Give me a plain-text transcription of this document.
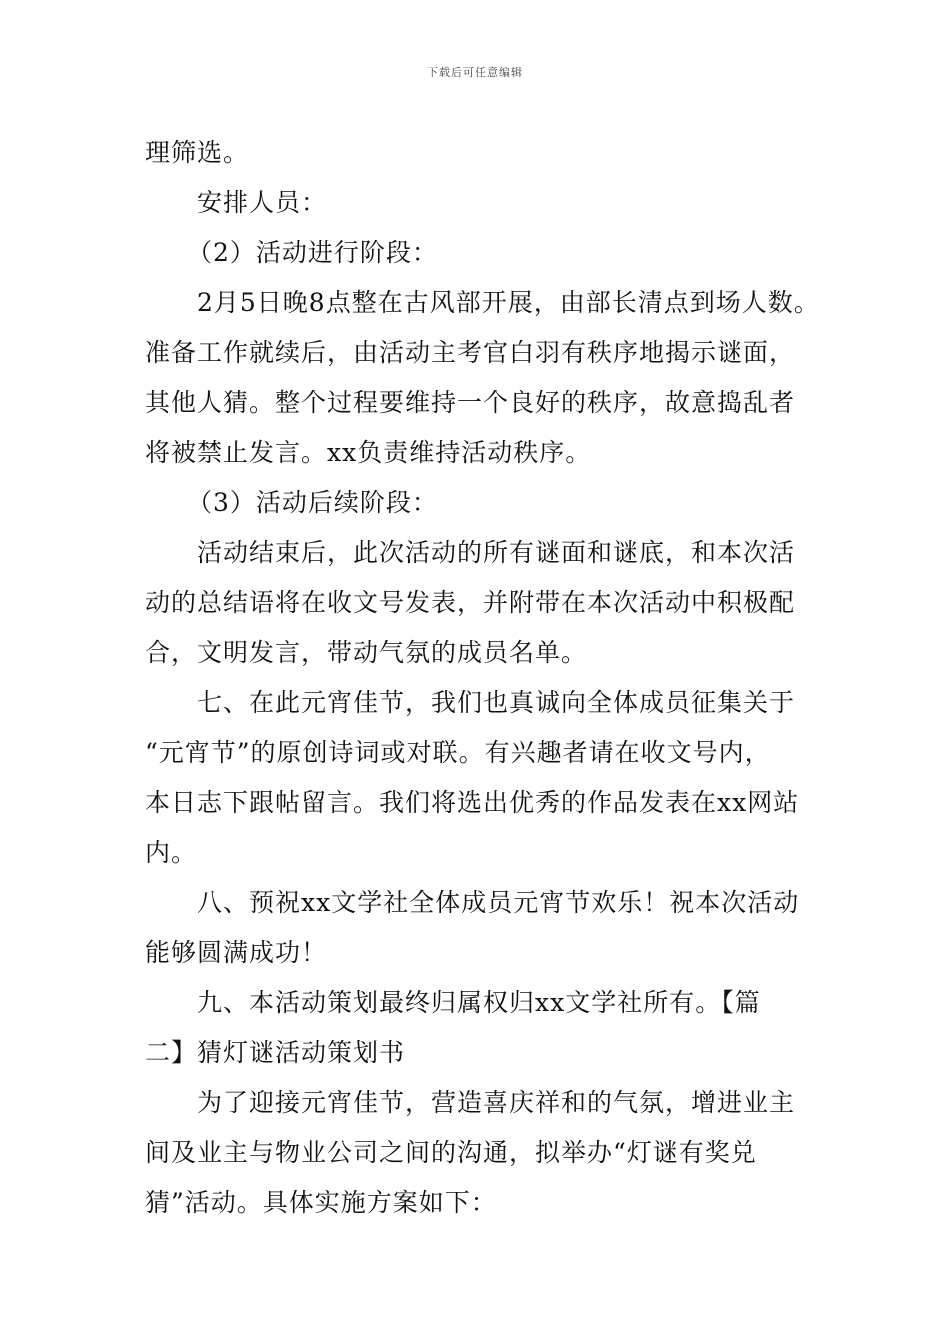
下载后可任意编辑
理筛选。
安排人员：
（2）活动进行阶段：
2月5日晚8点整在古风部开展，由部长清点到场人数。
准备工作就续后，由活动主考官白羽有秩序地揭示谜面，
其他人猜。整个过程要维持一个良好的秩序，故意捣乱者
将被禁止发言。xx负责维持活动秩序。
（3）活动后续阶段：
活动结束后，此次活动的所有谜面和谜底，和本次活
动的总结语将在收文号发表，并附带在本次活动中积极配
合，文明发言，带动气氛的成员名单。
七、在此元宵佳节，我们也真诚向全体成员征集关于
“元宵节”的原创诗词或对联。有兴趣者请在收文号内，
本日志下跟帖留言。我们将选出优秀的作品发表在xx网站
内。
八、预祝xx文学社全体成员元宵节欢乐！祝本次活动
能够圆满成功！
九、本活动策划最终归属权归xx文学社所有。【篇
二】猜灯谜活动策划书
为了迎接元宵佳节，营造喜庆祥和的气氛，增进业主
间及业主与物业公司之间的沟通，拟举办“灯谜有奖兑
猜”活动。具体实施方案如下：
